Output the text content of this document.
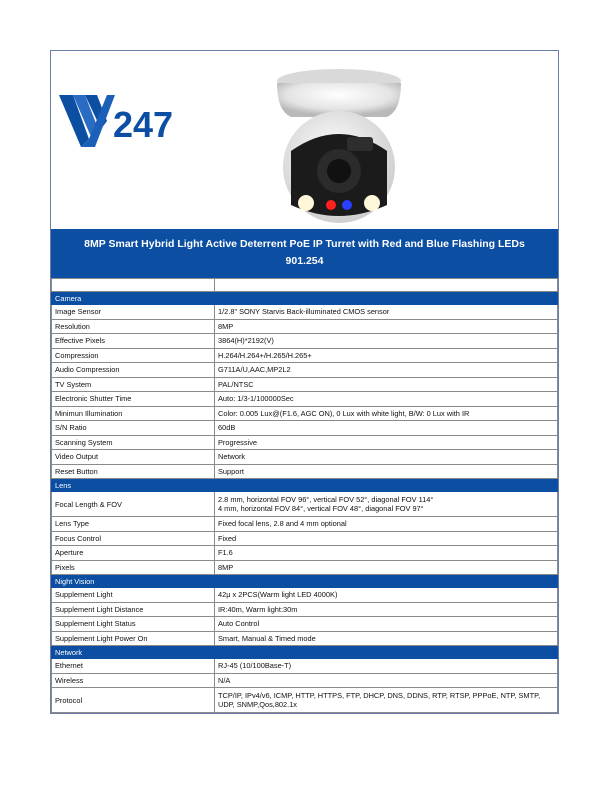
247
8MP Smart Hybrid Light Active Deterrent PoE IP Turret with Red and Blue Flashing LEDs
901.254

Camera	
Image Sensor	1/2.8" SONY Starvis Back-illuminated CMOS sensor
Resolution	8MP
Effective Pixels	3864(H)*2192(V)
Compression	H.264/H.264+/H.265/H.265+
Audio Compression	G711A/U,AAC,MP2L2
TV System	PAL/NTSC
Electronic Shutter Time	Auto: 1/3-1/100000Sec
Minimun Illumination	Color: 0.005 Lux@(F1.6, AGC ON), 0 Lux with white light, B/W: 0 Lux with IR
S/N Ratio	60dB
Scanning System	Progressive
Video Output	Network
Reset Button	Support
Lens	
Focal Length & FOV	2.8 mm, horizontal FOV 96°, vertical FOV 52°, diagonal FOV 114°
4 mm, horizontal FOV 84°, vertical FOV 48°, diagonal FOV 97°

Lens Type	Fixed focal lens, 2.8 and 4 mm optional
Focus Control	Fixed
Aperture	F1.6
Pixels	8MP
Night Vision	
Supplement Light	42μ x 2PCS(Warm light LED 4000K)
Supplement Light Distance	IR:40m, Warm light:30m
Supplement Light Status	Auto Control
Supplement Light Power On	Smart, Manual & Timed mode
Network	
Ethernet	RJ-45 (10/100Base-T)
Wireless	N/A
Protocol	TCP/IP, IPv4/v6, ICMP, HTTP, HTTPS, FTP, DHCP, DNS, DDNS, RTP, RTSP, PPPoE, NTP, SMTP,
UDP, SNMP,Qos,802.1x
